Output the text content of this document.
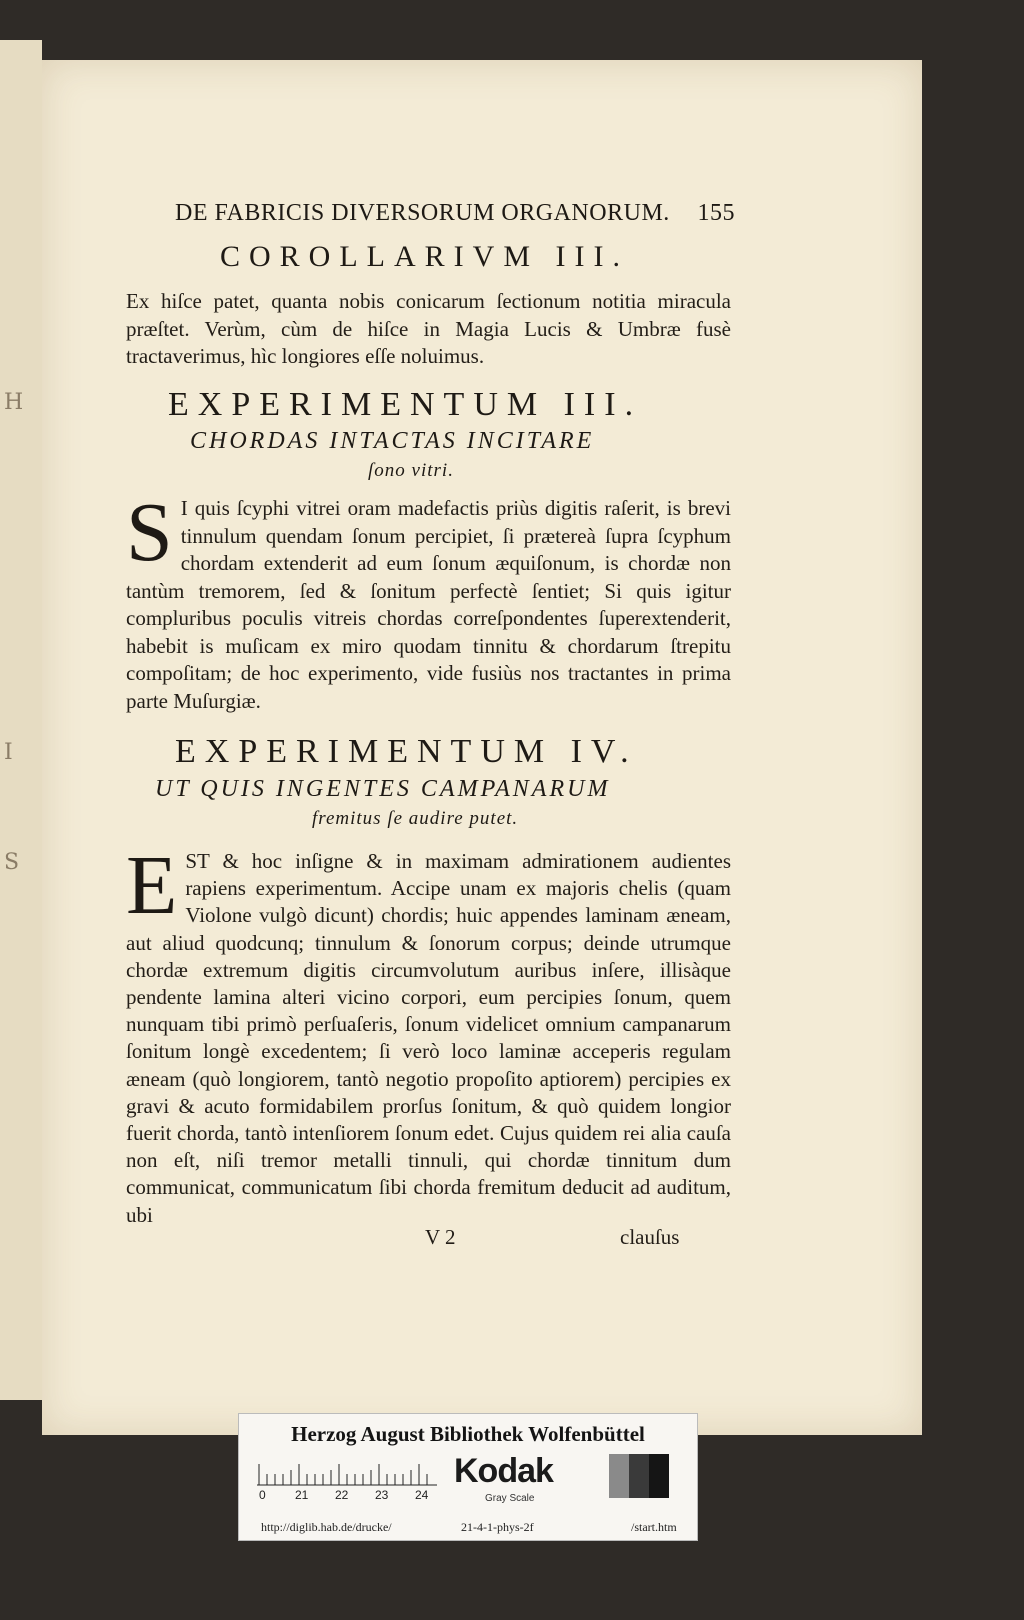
H
I
S
DE FABRICIS DIVERSORUM ORGANORUM. 155
COROLLARIVM III.
Ex hiſce patet, quanta nobis conicarum ſectionum notitia miracula præſtet. Verùm, cùm de hiſce in Magia Lucis & Umbræ fusè tractaverimus, hìc longiores eſſe noluimus.
EXPERIMENTUM III.
CHORDAS INTACTAS INCITARE
ſono vitri.
S I quis ſcyphi vitrei oram madefactis priùs digitis raſerit, is brevi tinnulum quendam ſonum percipiet, ſi prætereà ſupra ſcyphum chordam extenderit ad eum ſonum æquiſonum, is chordæ non tantùm tremorem, ſed & ſonitum perfectè ſentiet; Si quis igitur compluribus poculis vitreis chordas correſpondentes ſuperextenderit, habebit is muſicam ex miro quodam tinnitu & chordarum ſtrepitu compoſitam; de hoc experimento, vide fusiùs nos tractantes in prima parte Muſurgiæ.
EXPERIMENTUM IV.
UT QUIS INGENTES CAMPANARUM
fremitus ſe audire putet.
E ST & hoc inſigne & in maximam admirationem audientes rapiens experimentum. Accipe unam ex majoris chelis (quam Violone vulgò dicunt) chordis; huic appendes laminam æneam, aut aliud quodcunq; tinnulum & ſonorum corpus; deinde utrumque chordæ extremum digitis circumvolutum auribus inſere, illisàque pendente lamina alteri vicino corpori, eum percipies ſonum, quem nunquam tibi primò perſuaſeris, ſonum videlicet omnium campanarum ſonitum longè excedentem; ſi verò loco laminæ acceperis regulam æneam (quò longiorem, tantò negotio propoſito aptiorem) percipies ex gravi & acuto formidabilem prorſus ſonitum, & quò quidem longior fuerit chorda, tantò intenſiorem ſonum edet. Cujus quidem rei alia cauſa non eſt, niſi tremor metalli tinnuli, qui chordæ tinnitum dum communicat, communicatum ſibi chorda fremitum deducit ad auditum, ubi
V 2	clauſus
Herzog August Bibliothek Wolfenbüttel
0 21 22 23 24
Kodak
Gray Scale
http://diglib.hab.de/drucke/	21-4-1-phys-2f	/start.htm
